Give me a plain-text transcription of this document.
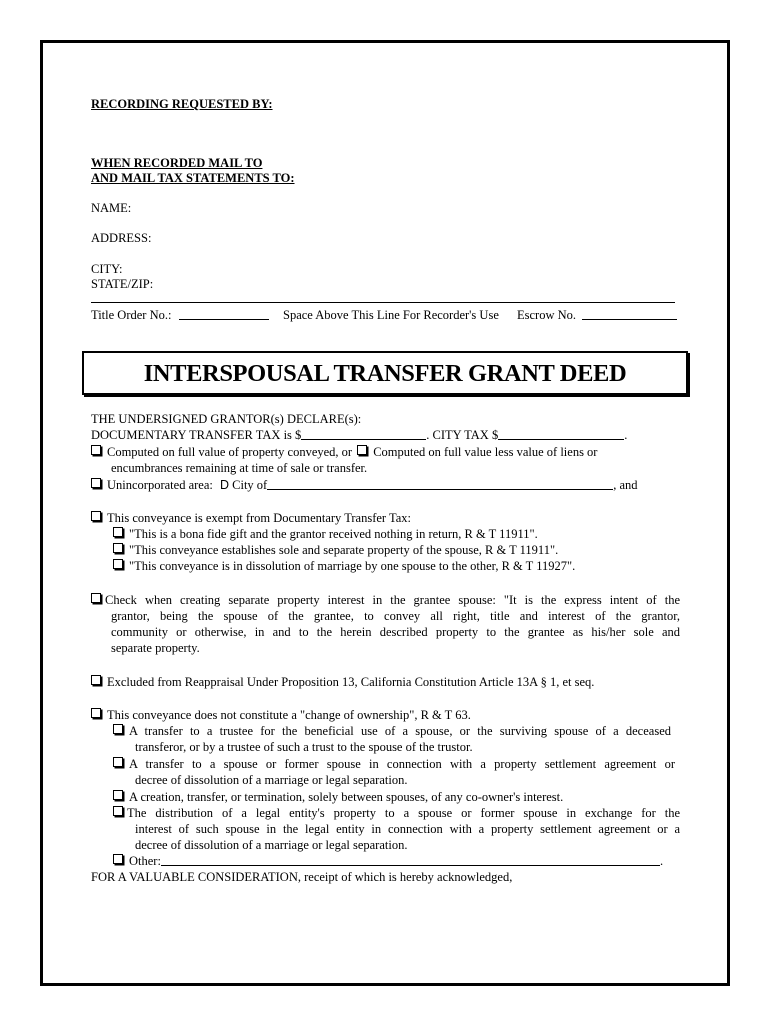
RECORDING REQUESTED BY:
WHEN RECORDED MAIL TO
AND MAIL TAX STATEMENTS TO:
NAME:
ADDRESS:
CITY:
STATE/ZIP:
Title Order No.:	Space Above This Line For Recorder's Use Escrow No.
INTERSPOUSAL TRANSFER GRANT DEED
THE UNDERSIGNED GRANTOR(s) DECLARE(s):
DOCUMENTARY TRANSFER TAX is $	. CITY TAX $	.
Computed on full value of property conveyed, or Computed on full value less value of liens or
encumbrances remaining at time of sale or transfer.
Unincorporated area: D City of	, and
This conveyance is exempt from Documentary Transfer Tax:
"This is a bona fide gift and the grantor received nothing in return, R & T 11911".
"This conveyance establishes sole and separate property of the spouse, R & T 11911".
"This conveyance is in dissolution of marriage by one spouse to the other, R & T 11927".
Check when creating separate property interest in the grantee spouse: "It is the express intent of the
grantor, being the spouse of the grantee, to convey all right, title and interest of the grantor,
community or otherwise, in and to the herein described property to the grantee as his/her sole and
separate property.
Excluded from Reappraisal Under Proposition 13, California Constitution Article 13A § 1, et seq.
This conveyance does not constitute a "change of ownership", R & T 63.
A transfer to a trustee for the beneficial use of a spouse, or the surviving spouse of a deceased
transferor, or by a trustee of such a trust to the spouse of the trustor.
A transfer to a spouse or former spouse in connection with a property settlement agreement or
decree of dissolution of a marriage or legal separation.
A creation, transfer, or termination, solely between spouses, of any co-owner's interest.
The distribution of a legal entity's property to a spouse or former spouse in exchange for the
interest of such spouse in the legal entity in connection with a property settlement agreement or a
decree of dissolution of a marriage or legal separation.
Other:	.
FOR A VALUABLE CONSIDERATION, receipt of which is hereby acknowledged,
